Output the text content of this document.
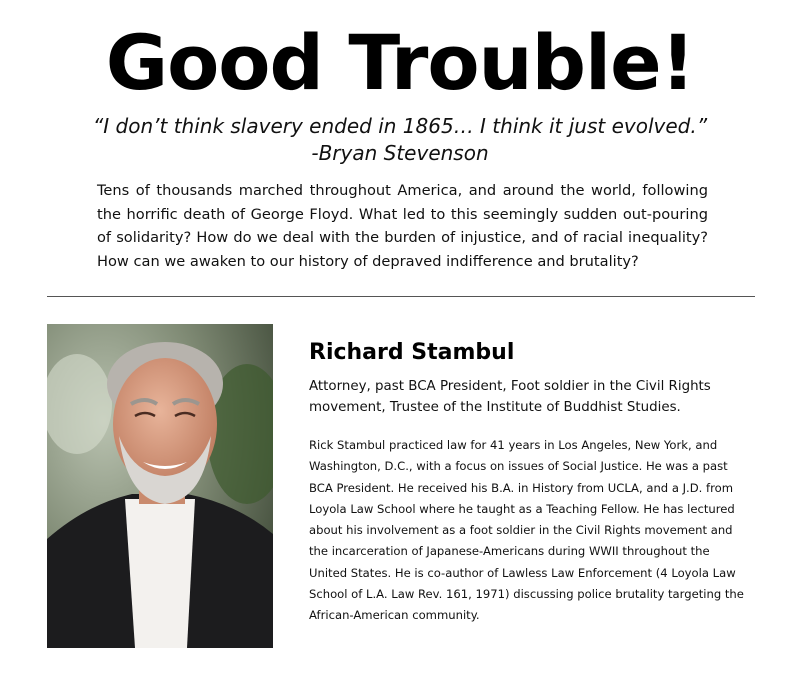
Good Trouble!

“I don’t think slavery ended in 1865… I think it just evolved.”

-Bryan Stevenson

Tens of thousands marched throughout America, and around the world, following the horrific death of George Floyd. What led to this seemingly sudden out-pouring of solidarity? How do we deal with the burden of injustice, and of racial inequality? How can we awaken to our history of depraved indifference and brutality?

Richard Stambul

Attorney, past BCA President, Foot soldier in the Civil Rights movement, Trustee of the Institute of Buddhist Studies.

Rick Stambul practiced law for 41 years in Los Angeles, New York, and Washington, D.C., with a focus on issues of Social Justice. He was a past BCA President. He received his B.A. in History from UCLA, and a J.D. from Loyola Law School where he taught as a Teaching Fellow. He has lectured about his involvement as a foot soldier in the Civil Rights movement and the incarceration of Japanese-Americans during WWII throughout the United States. He is co-author of Lawless Law Enforcement (4 Loyola Law School of L.A. Law Rev. 161, 1971) discussing police brutality targeting the African-American community.
